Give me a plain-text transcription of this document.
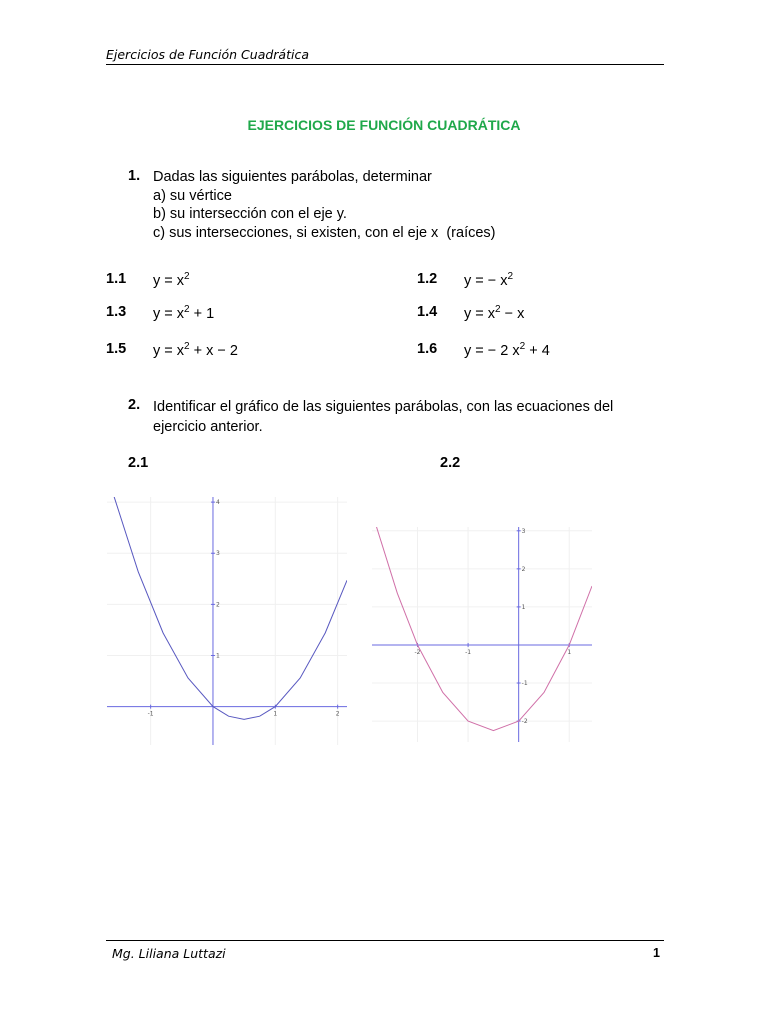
Ejercicios de Función Cuadrática
EJERCICIOS DE FUNCIÓN CUADRÁTICA
1. Dadas las siguientes parábolas, determinar
a) su vértice
b) su intersección con el eje y.
c) sus intersecciones, si existen, con el eje x  (raíces)
1.1 $y = x^2$	1.2 y = − $x^2$
1.3 $y = x^2 + 1$	1.4 $y = x^2 - x$
1.5 $y = x^2 + x - 2$	1.6 y = − 2 $x^2 + 4$
2. Identificar el gráfico de las siguientes parábolas, con las ecuaciones del ejercicio anterior.
2.1	2.2
-1	1	2
1
2
3
4
-2	-1	1
-2
-1
1
2
3
Mg. Liliana Luttazi	1
